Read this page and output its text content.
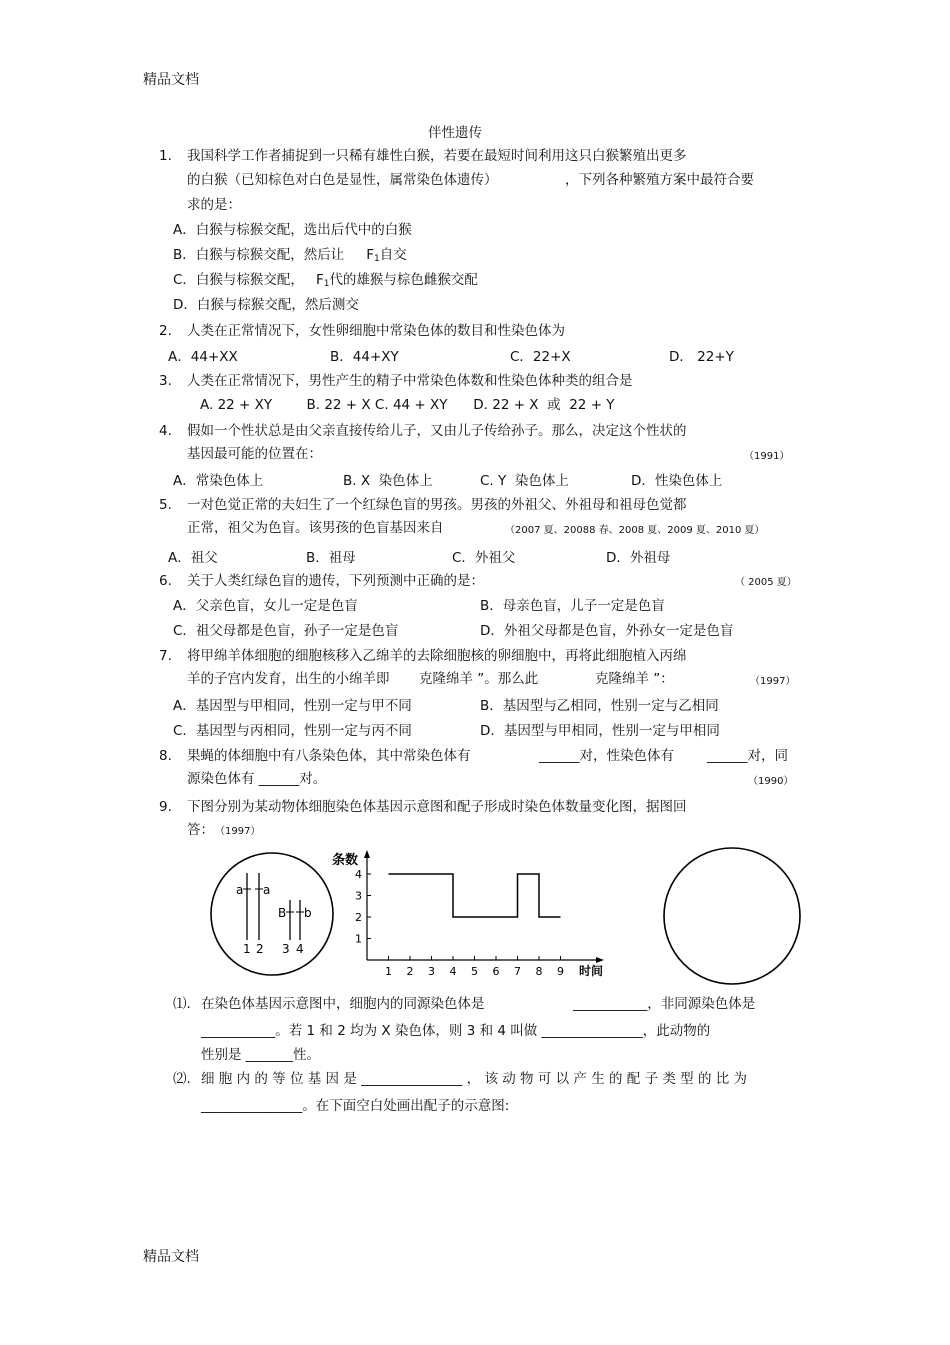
精品文档
精品文档
伴性遗传
1. 我国科学工作者捕捉到一只稀有雄性白猴，若要在最短时间利用这只白猴繁殖出更多
的白猴（已知棕色对白色是显性，属常染色体遗传）	，下列各种繁殖方案中最符合要
求的是：
A．白猴与棕猴交配，选出后代中的白猴
B．白猴与棕猴交配，然后让 $F_1$自交
C．白猴与棕猴交配， $F_1$代的雄猴与棕色雌猴交配
D．白猴与棕猴交配，然后测交
2. 人类在正常情况下，女性卵细胞中常染色体的数目和性染色体为
A．44+XX	B．44+XY	C．22+X	D． 22+Y
3. 人类在正常情况下，男性产生的精子中常染色体数和性染色体种类的组合是
A. 22 + XY        B. 22 + X C. 44 + XY      D. 22 + X  或  22 + Y
4. 假如一个性状总是由父亲直接传给儿子，又由儿子传给孙子。那么，决定这个性状的
基因最可能的位置在：	（1991）
A．常染色体上	B. X  染色体上	C. Y  染色体上	D．性染色体上
5. 一对色觉正常的夫妇生了一个红绿色盲的男孩。男孩的外祖父、外祖母和祖母色觉都
正常，祖父为色盲。该男孩的色盲基因来自	（2007 夏、20088 春、2008 夏、2009 夏、2010 夏）
A．祖父	B．祖母	C．外祖父	D．外祖母
6. 关于人类红绿色盲的遗传，下列预测中正确的是：	（ 2005 夏）
A．父亲色盲，女儿一定是色盲	B．母亲色盲，儿子一定是色盲
C．祖父母都是色盲，孙子一定是色盲	D．外祖父母都是色盲，外孙女一定是色盲
7. 将甲绵羊体细胞的细胞核移入乙绵羊的去除细胞核的卵细胞中，再将此细胞植入丙绵
羊的子宫内发育，出生的小绵羊即 克隆绵羊 ”。那么此	克隆绵羊 ”：	（1997）
A．基因型与甲相同，性别一定与甲不同	B．基因型与乙相同，性别一定与乙相同
C．基因型与丙相同，性别一定与丙不同	D．基因型与甲相同，性别一定与甲相同
8. 果蝇的体细胞中有八条染色体，其中常染色体有	______对，性染色体有 ______对，同
源染色体有 ______对。	（1990）
9. 下图分别为某动物体细胞染色体基因示意图和配子形成时染色体数量变化图，据图回
答： （1997）
a a
B b
1 2 3 4
条数
时间
1 2 3 4 5 6 7 8 9
1
2
3
4
⑴. 在染色体基因示意图中，细胞内的同源染色体是	___________，非同源染色体是
___________。若 1 和 2 均为 X 染色体，则 3 和 4 叫做 _______________，此动物的
性别是 _______性。
⑵. 细 胞 内 的 等 位 基 因 是 _______________ ， 该 动 物 可 以 产 生 的 配 子 类 型 的 比 为
_______________。在下面空白处画出配子的示意图:
